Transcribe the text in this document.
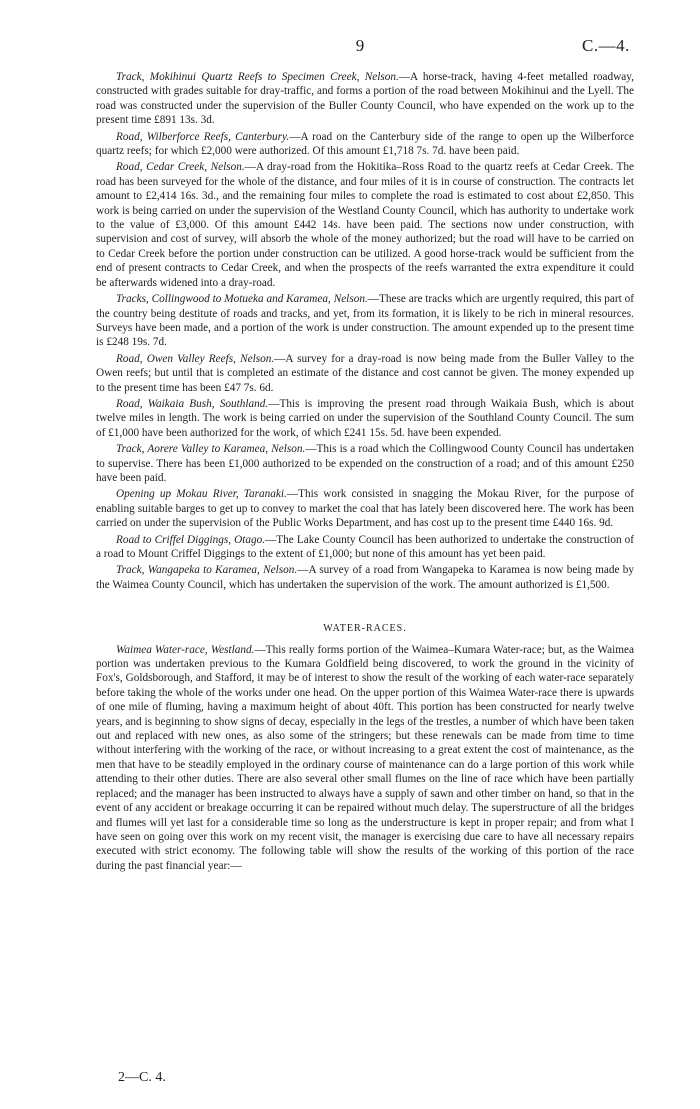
9	C.—4.

Track, Mokihinui Quartz Reefs to Specimen Creek, Nelson.—A horse-track, having 4-feet metalled roadway, constructed with grades suitable for dray-traffic, and forms a portion of the road between Mokihinui and the Lyell. The road was constructed under the supervision of the Buller County Council, who have expended on the work up to the present time £891 13s. 3d.

Road, Wilberforce Reefs, Canterbury.—A road on the Canterbury side of the range to open up the Wilberforce quartz reefs; for which £2,000 were authorized. Of this amount £1,718 7s. 7d. have been paid.

Road, Cedar Creek, Nelson.—A dray-road from the Hokitika–Ross Road to the quartz reefs at Cedar Creek. The road has been surveyed for the whole of the distance, and four miles of it is in course of construction. The contracts let amount to £2,414 16s. 3d., and the remaining four miles to complete the road is estimated to cost about £2,850. This work is being carried on under the supervision of the Westland County Council, which has authority to undertake work to the value of £3,000. Of this amount £442 14s. have been paid. The sections now under construction, with supervision and cost of survey, will absorb the whole of the money authorized; but the road will have to be carried on to Cedar Creek before the portion under construction can be utilized. A good horse-track would be sufficient from the end of present contracts to Cedar Creek, and when the prospects of the reefs warranted the extra expenditure it could be afterwards widened into a dray-road.

Tracks, Collingwood to Motueka and Karamea, Nelson.—These are tracks which are urgently required, this part of the country being destitute of roads and tracks, and yet, from its formation, it is likely to be rich in mineral resources. Surveys have been made, and a portion of the work is under construction. The amount expended up to the present time is £248 19s. 7d.

Road, Owen Valley Reefs, Nelson.—A survey for a dray-road is now being made from the Buller Valley to the Owen reefs; but until that is completed an estimate of the distance and cost cannot be given. The money expended up to the present time has been £47 7s. 6d.

Road, Waikaia Bush, Southland.—This is improving the present road through Waikaia Bush, which is about twelve miles in length. The work is being carried on under the supervision of the Southland County Council. The sum of £1,000 have been authorized for the work, of which £241 15s. 5d. have been expended.

Track, Aorere Valley to Karamea, Nelson.—This is a road which the Collingwood County Council has undertaken to supervise. There has been £1,000 authorized to be expended on the construction of a road; and of this amount £250 have been paid.

Opening up Mokau River, Taranaki.—This work consisted in snagging the Mokau River, for the purpose of enabling suitable barges to get up to convey to market the coal that has lately been discovered here. The work has been carried on under the supervision of the Public Works Department, and has cost up to the present time £440 16s. 9d.

Road to Criffel Diggings, Otago.—The Lake County Council has been authorized to undertake the construction of a road to Mount Criffel Diggings to the extent of £1,000; but none of this amount has yet been paid.

Track, Wangapeka to Karamea, Nelson.—A survey of a road from Wangapeka to Karamea is now being made by the Waimea County Council, which has undertaken the supervision of the work. The amount authorized is £1,500.

WATER-RACES.

Waimea Water-race, Westland.—This really forms portion of the Waimea–Kumara Water-race; but, as the Waimea portion was undertaken previous to the Kumara Goldfield being discovered, to work the ground in the vicinity of Fox's, Goldsborough, and Stafford, it may be of interest to show the result of the working of each water-race separately before taking the whole of the works under one head. On the upper portion of this Waimea Water-race there is upwards of one mile of fluming, having a maximum height of about 40ft. This portion has been constructed for nearly twelve years, and is beginning to show signs of decay, especially in the legs of the trestles, a number of which have been taken out and replaced with new ones, as also some of the stringers; but these renewals can be made from time to time without interfering with the working of the race, or without increasing to a great extent the cost of maintenance, as the men that have to be steadily employed in the ordinary course of maintenance can do a large portion of this work while attending to their other duties. There are also several other small flumes on the line of race which have been partially replaced; and the manager has been instructed to always have a supply of sawn and other timber on hand, so that in the event of any accident or breakage occurring it can be repaired without much delay. The superstructure of all the bridges and flumes will yet last for a considerable time so long as the understructure is kept in proper repair; and from what I have seen on going over this work on my recent visit, the manager is exercising due care to have all necessary repairs executed with strict economy. The following table will show the results of the working of this portion of the race during the past financial year:—

2—C. 4.
